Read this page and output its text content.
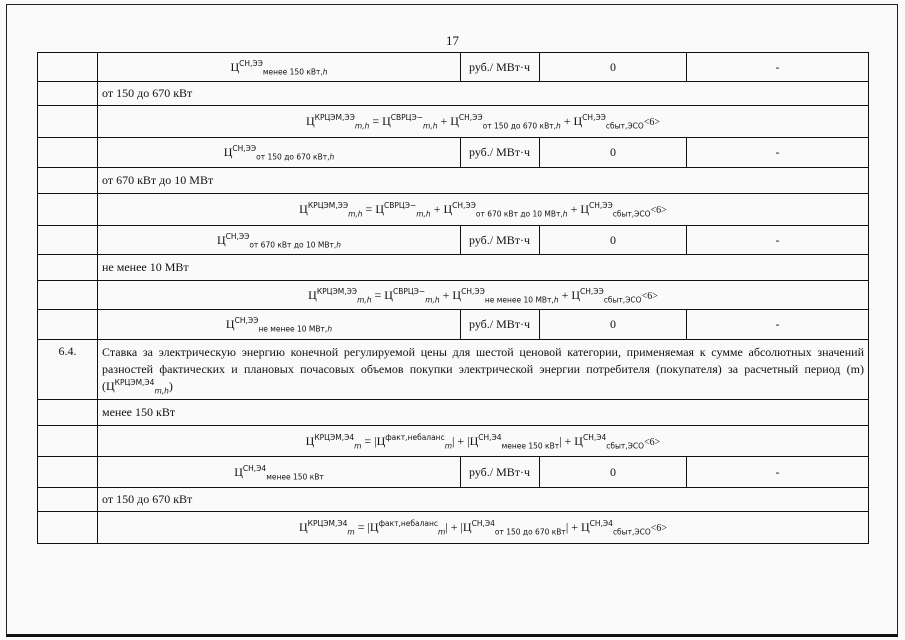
17
	$Ц^{СН,ЭЭ}_{менее 150 кВт,h}$	руб./ МВт·ч	0	-
	от 150 до 670 кВт			
	$Ц^{КРЦЭМ,ЭЭ}_{m,h} = Ц^{СВРЦЭ-}_{m,h} + Ц^{СН,ЭЭ}_{от 150 до 670 кВт,h} + Ц^{СН,ЭЭ}_{сбыт,ЭСО}<6>$			
	$Ц^{СН,ЭЭ}_{от 150 до 670 кВт,h}$	руб./ МВт·ч	0	-
	от 670 кВт до 10 МВт			
	$Ц^{КРЦЭМ,ЭЭ}_{m,h} = Ц^{СВРЦЭ-}_{m,h} + Ц^{СН,ЭЭ}_{от 670 кВт до 10 МВт,h} + Ц^{СН,ЭЭ}_{сбыт,ЭСО}<6>$			
	$Ц^{СН,ЭЭ}_{от 670 кВт до 10 МВт,h}$	руб./ МВт·ч	0	-
	не менее 10 МВт			
	$Ц^{КРЦЭМ,ЭЭ}_{m,h} = Ц^{СВРЦЭ-}_{m,h} + Ц^{СН,ЭЭ}_{не менее 10 МВт,h} + Ц^{СН,ЭЭ}_{сбыт,ЭСО}<6>$			
	$Ц^{СН,ЭЭ}_{не менее 10 МВт,h}$	руб./ МВт·ч	0	-
6.4.	Ставка за электрическую энергию конечной регулируемой цены для шестой ценовой категории, применяемая к сумме абсолютных значений разностей фактических и плановых почасовых объемов покупки электрической энергии потребителя (покупателя) за расчетный период (m) $(Ц^{КРЦЭМ,Э4}_{m,h})$			
	менее 150 кВт			
	$Ц^{КРЦЭМ,Э4}_m = |Ц^{факт,небаланс}_m| + |Ц^{СН,Э4}_{менее 150 кВт}| + Ц^{СН,Э4}_{сбыт,ЭСО}<6>$			
	$Ц^{СН,Э4}_{менее 150 кВт}$	руб./ МВт·ч	0	-
	от 150 до 670 кВт			
	$Ц^{КРЦЭМ,Э4}_m = |Ц^{факт,небаланс}_m| + |Ц^{СН,Э4}_{от 150 до 670 кВт}| + Ц^{СН,Э4}_{сбыт,ЭСО}<6>$			
